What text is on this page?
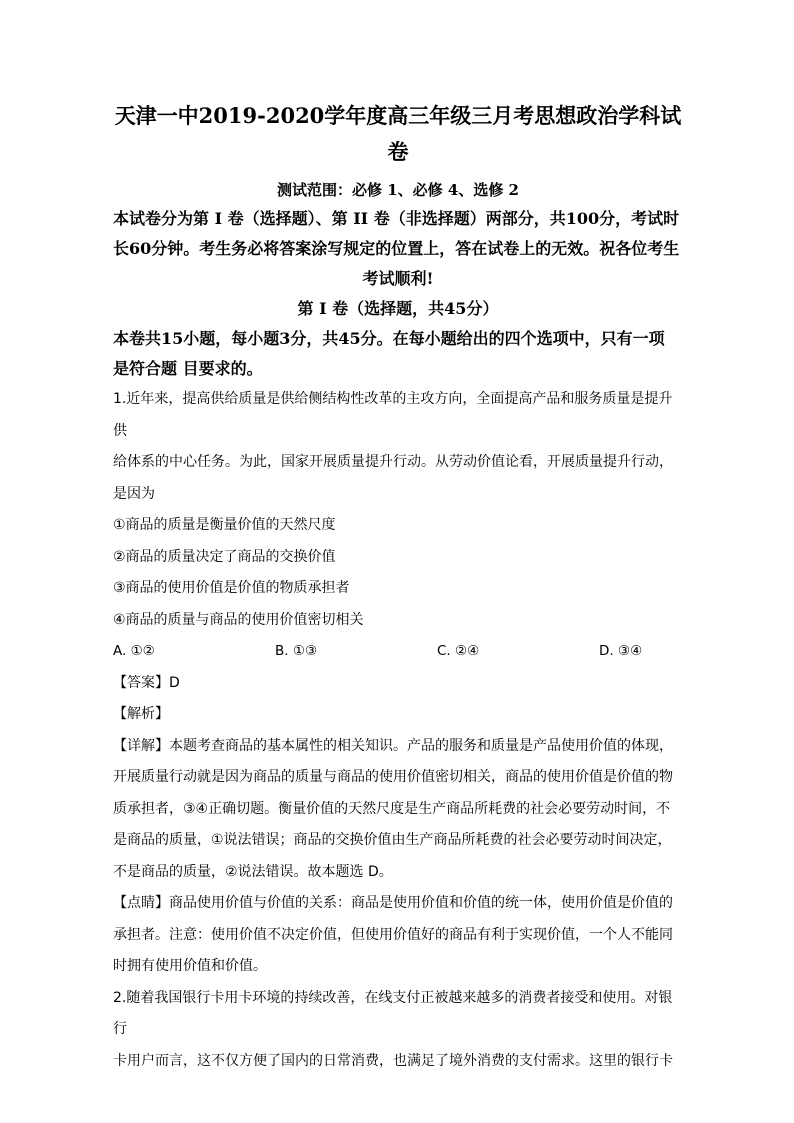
天津一中2019-2020学年度高三年级三月考思想政治学科试
卷
测试范围：必修 1、必修 4、选修 2

本试卷分为第 I 卷（选择题）、第 II 卷（非选择题）两部分，共100分，考试时

长60分钟。考生务必将答案涂写规定的位置上，答在试卷上的无效。祝各位考生

考试顺利!

第 I 卷（选择题，共45分）

本卷共15小题，每小题3分，共45分。在每小题给出的四个选项中，只有一项

是符合题 目要求的。

1.近年来，提高供给质量是供给侧结构性改革的主攻方向，全面提高产品和服务质量是提升供

给体系的中心任务。为此，国家开展质量提升行动。从劳动价值论看，开展质量提升行动，

是因为

①商品的质量是衡量价值的天然尺度

②商品的质量决定了商品的交换价值

③商品的使用价值是价值的物质承担者

④商品的质量与商品的使用价值密切相关

A. ①②	B. ①③	C. ②④	D. ③④

【答案】D

【解析】

【详解】本题考查商品的基本属性的相关知识。产品的服务和质量是产品使用价值的体现，

开展质量行动就是因为商品的质量与商品的使用价值密切相关，商品的使用价值是价值的物

质承担者，③④正确切题。衡量价值的天然尺度是生产商品所耗费的社会必要劳动时间，不

是商品的质量，①说法错误；商品的交换价值由生产商品所耗费的社会必要劳动时间决定，

不是商品的质量，②说法错误。故本题选 D。

【点睛】商品使用价值与价值的关系：商品是使用价值和价值的统一体，使用价值是价值的

承担者。注意：使用价值不决定价值，但使用价值好的商品有利于实现价值，一个人不能同

时拥有使用价值和价值。

2.随着我国银行卡用卡环境的持续改善，在线支付正被越来越多的消费者接受和使用。对银行

卡用户而言，这不仅方便了国内的日常消费，也满足了境外消费的支付需求。这里的银行卡
